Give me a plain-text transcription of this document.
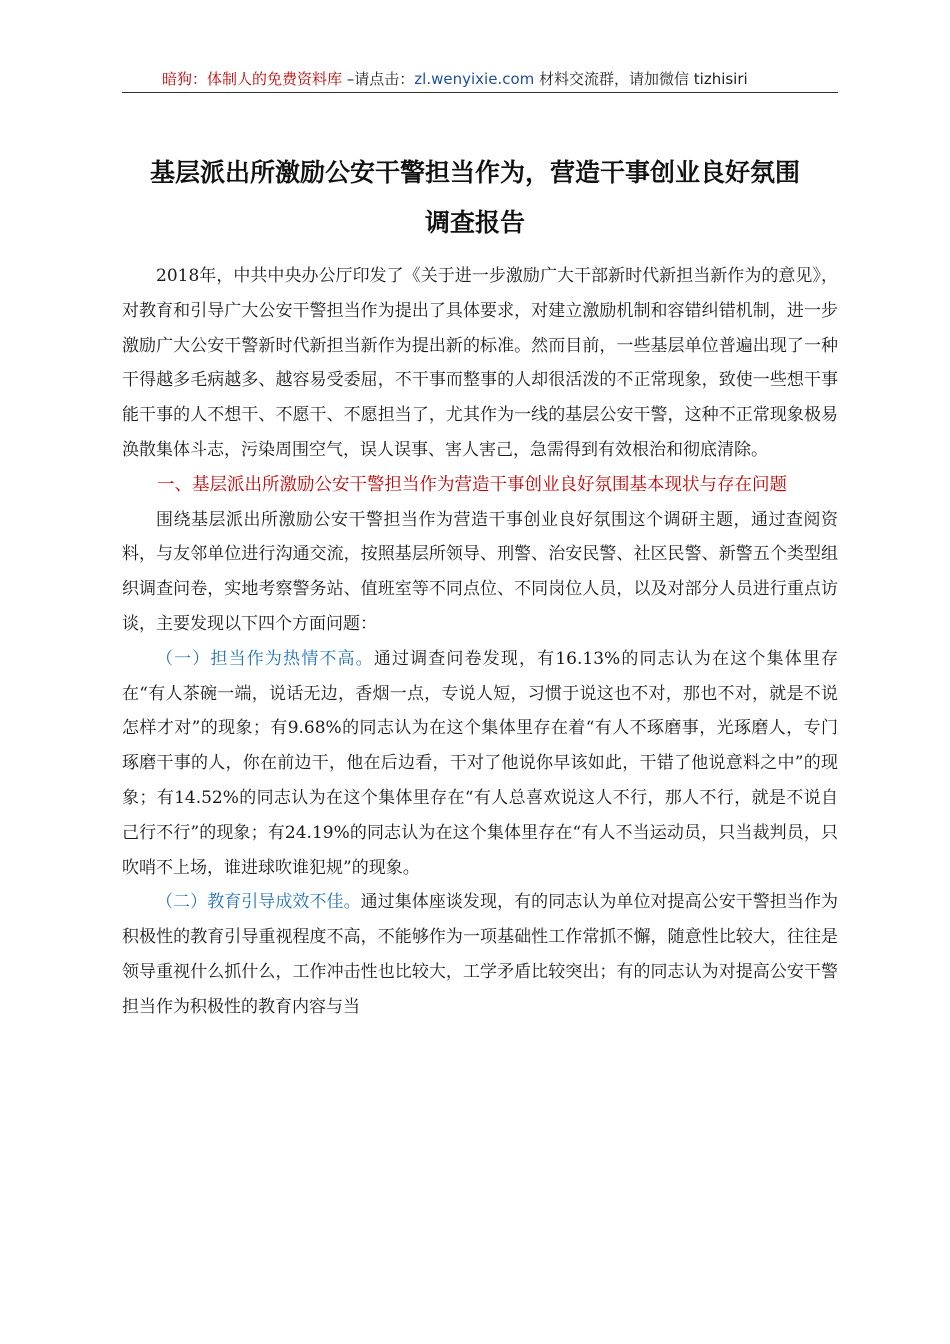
暗狗：体制人的免费资料库 –请点击：zl.wenyixie.com 材料交流群，请加微信 tizhisiri
基层派出所激励公安干警担当作为，营造干事创业良好氛围
调查报告

2018年，中共中央办公厅印发了《关于进一步激励广大干部新时代新担当新作为的意见》，对教育和引导广大公安干警担当作为提出了具体要求，对建立激励机制和容错纠错机制，进一步激励广大公安干警新时代新担当新作为提出新的标准。然而目前，一些基层单位普遍出现了一种干得越多毛病越多、越容易受委屈，不干事而整事的人却很活泼的不正常现象，致使一些想干事能干事的人不想干、不愿干、不愿担当了，尤其作为一线的基层公安干警，这种不正常现象极易涣散集体斗志，污染周围空气，误人误事、害人害己，急需得到有效根治和彻底清除。

一、基层派出所激励公安干警担当作为营造干事创业良好氛围基本现状与存在问题

围绕基层派出所激励公安干警担当作为营造干事创业良好氛围这个调研主题，通过查阅资料，与友邻单位进行沟通交流，按照基层所领导、刑警、治安民警、社区民警、新警五个类型组织调查问卷，实地考察警务站、值班室等不同点位、不同岗位人员，以及对部分人员进行重点访谈，主要发现以下四个方面问题：

（一）担当作为热情不高。通过调查问卷发现，有16.13%的同志认为在这个集体里存在“有人茶碗一端，说话无边，香烟一点，专说人短，习惯于说这也不对，那也不对，就是不说怎样才对”的现象；有9.68%的同志认为在这个集体里存在着“有人不琢磨事，光琢磨人，专门琢磨干事的人，你在前边干，他在后边看，干对了他说你早该如此，干错了他说意料之中”的现象；有14.52%的同志认为在这个集体里存在“有人总喜欢说这人不行，那人不行，就是不说自己行不行”的现象；有24.19%的同志认为在这个集体里存在“有人不当运动员，只当裁判员，只吹哨不上场，谁进球吹谁犯规”的现象。

（二）教育引导成效不佳。通过集体座谈发现，有的同志认为单位对提高公安干警担当作为积极性的教育引导重视程度不高，不能够作为一项基础性工作常抓不懈，随意性比较大，往往是领导重视什么抓什么，工作冲击性也比较大，工学矛盾比较突出；有的同志认为对提高公安干警担当作为积极性的教育内容与当
